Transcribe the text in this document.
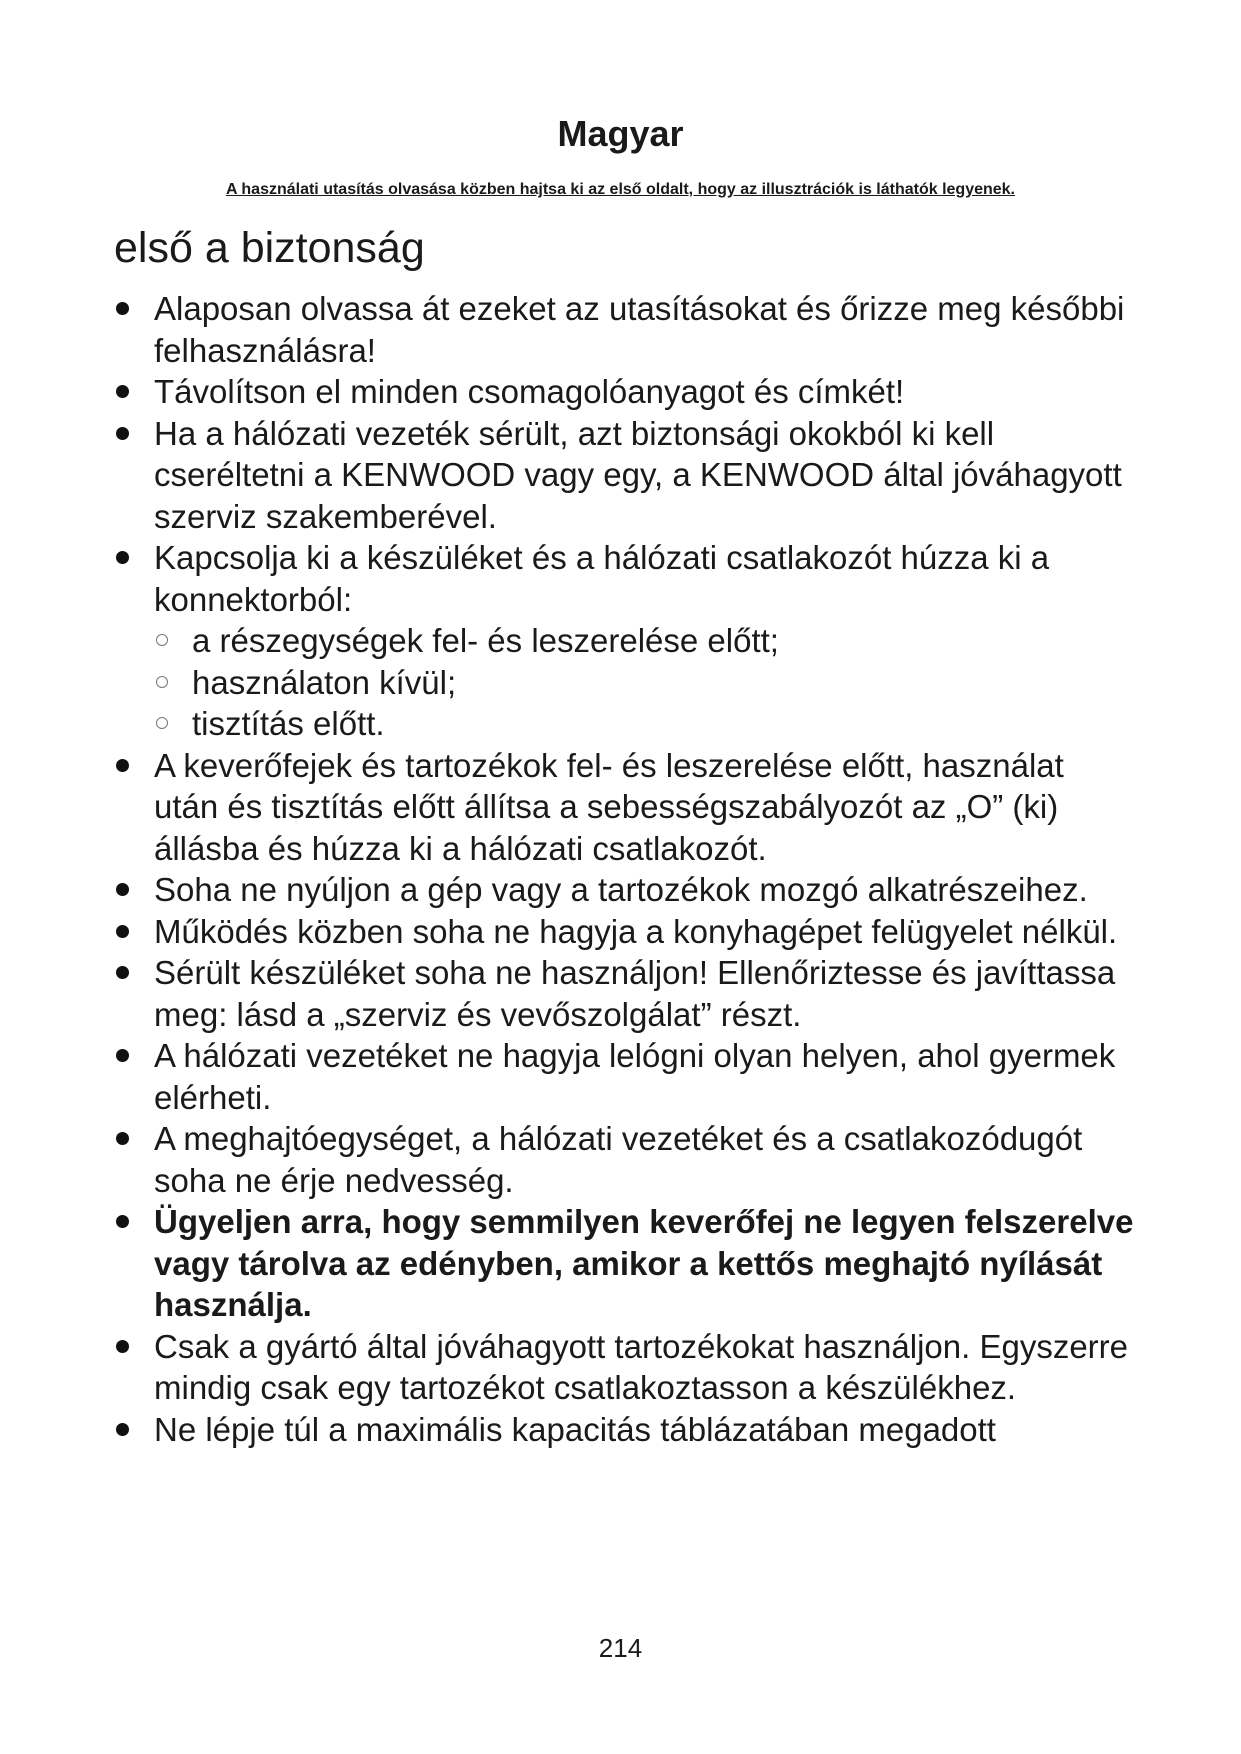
Magyar
A használati utasítás olvasása közben hajtsa ki az első oldalt, hogy az illusztrációk is láthatók legyenek.
első a biztonság
Alaposan olvassa át ezeket az utasításokat és őrizze meg későbbi felhasználásra!
Távolítson el minden csomagolóanyagot és címkét!
Ha a hálózati vezeték sérült, azt biztonsági okokból ki kell cseréltetni a KENWOOD vagy egy, a KENWOOD által jóváhagyott szerviz szakemberével.
Kapcsolja ki a készüléket és a hálózati csatlakozót húzza ki a konnektorból:
a részegységek fel- és leszerelése előtt;
használaton kívül;
tisztítás előtt.
A keverőfejek és tartozékok fel- és leszerelése előtt, használat után és tisztítás előtt állítsa a sebességszabályozót az „O” (ki) állásba és húzza ki a hálózati csatlakozót.
Soha ne nyúljon a gép vagy a tartozékok mozgó alkatrészeihez.
Működés közben soha ne hagyja a konyhagépet felügyelet nélkül.
Sérült készüléket soha ne használjon! Ellenőriztesse és javíttassa meg: lásd a „szerviz és vevőszolgálat” részt.
A hálózati vezetéket ne hagyja lelógni olyan helyen, ahol gyermek elérheti.
A meghajtóegységet, a hálózati vezetéket és a csatlakozódugót soha ne érje nedvesség.
Ügyeljen arra, hogy semmilyen keverőfej ne legyen felszerelve vagy tárolva az edényben, amikor a kettős meghajtó nyílását használja.
Csak a gyártó által jóváhagyott tartozékokat használjon. Egyszerre mindig csak egy tartozékot csatlakoztasson a készülékhez.
Ne lépje túl a maximális kapacitás táblázatában megadott
214
